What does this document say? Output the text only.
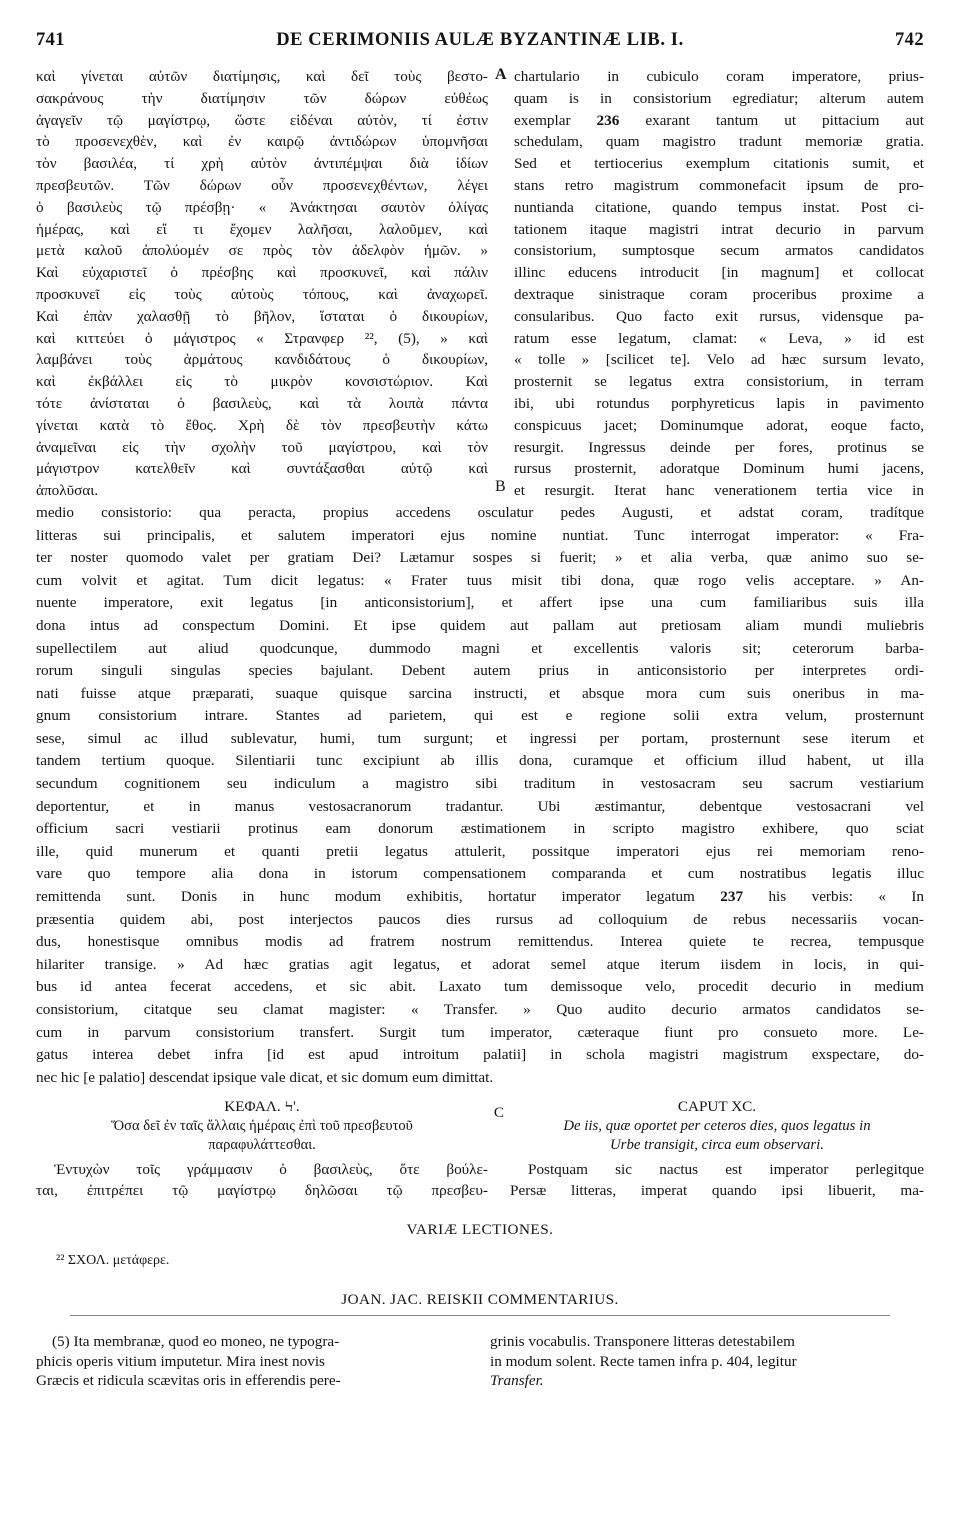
741	DE CERIMONIIS AULÆ BYZANTINÆ LIB. I.	742
καὶ γίνεται αὐτῶν διατίμησις, καὶ δεῖ τοὺς βεστο-
σακράνους τὴν διατίμησιν τῶν δώρων εὐθέως
ἀγαγεῖν τῷ μαγίστρῳ, ὥστε εἰδέναι αὐτὸν, τί ἐστιν
τὸ προσενεχθὲν, καὶ ἐν καιρῷ ἀντιδώρων ὑπομνῆσαι
τὸν βασιλέα, τί χρὴ αὐτὸν ἀντιπέμψαι διὰ ἰδίων
πρεσβευτῶν. Τῶν δώρων οὖν προσενεχθέντων, λέγει
ὁ βασιλεὺς τῷ πρέσβῃ· « Ἀνάκτησαι σαυτὸν ὀλίγας
ἡμέρας, καὶ εἴ τι ἔχομεν λαλῆσαι, λαλοῦμεν, καὶ
μετὰ καλοῦ ἀπολύομέν σε πρὸς τὸν ἀδελφὸν ἡμῶν. »
Καὶ εὐχαριστεῖ ὁ πρέσβης καὶ προσκυνεῖ, καὶ πάλιν
προσκυνεῖ εἰς τοὺς αὐτοὺς τόπους, καὶ ἀναχωρεῖ.
Καὶ ἐπὰν χαλασθῇ τὸ βῆλον, ἵσταται ὁ δικουρίων,
καὶ κιττεύει ὁ μάγιστρος « Στρανφερ ²², (5), » καὶ
λαμβάνει τοὺς ἁρμάτους κανδιδάτους ὁ δικουρίων,
καὶ ἐκβάλλει εἰς τὸ μικρὸν κονσιστώριον. Καὶ
τότε ἀνίσταται ὁ βασιλεὺς, καὶ τὰ λοιπὰ πάντα
γίνεται κατὰ τὸ ἔθος. Χρὴ δὲ τὸν πρεσβευτὴν κάτω
ἀναμεῖναι εἰς τὴν σχολὴν τοῦ μαγίστρου, καὶ τὸν
μάγιστρον κατελθεῖν καὶ συντάξασθαι αὐτῷ καὶ
ἀπολῦσαι.
A
B
chartulario in cubiculo coram imperatore, prius-
quam is in consistorium egrediatur; alterum autem
exemplar 236 exarant tantum ut pittacium aut
schedulam, quam magistro tradunt memoriæ gratia.
Sed et tertiocerius exemplum citationis sumit, et
stans retro magistrum commonefacit ipsum de pro-
nuntianda citatione, quando tempus instat. Post ci-
tationem itaque magistri intrat decurio in parvum
consistorium, sumptosque secum armatos candidatos
illinc educens introducit [in magnum] et collocat
dextraque sinistraque coram proceribus proxime a
consularibus. Quo facto exit rursus, vidensque pa-
ratum esse legatum, clamat: « Leva, » id est
« tolle » [scilicet te]. Velo ad hæc sursum levato,
prosternit se legatus extra consistorium, in terram
ibi, ubi rotundus porphyreticus lapis in pavimento
conspicuus jacet; Dominumque adorat, eoque facto,
resurgit. Ingressus deinde per fores, protinus se
rursus prosternit, adoratque Dominum humi jacens,
et resurgit. Iterat hanc venerationem tertia vice in
medio consistorio: qua peracta, propius accedens osculatur pedes Augusti, et adstat coram, tradítque
litteras sui principalis, et salutem imperatori ejus nomine nuntiat. Tunc interrogat imperator: « Fra-
ter noster quomodo valet per gratiam Dei? Lætamur sospes si fuerit; » et alia verba, quæ animo suo se-
cum volvit et agitat. Tum dicit legatus: « Frater tuus misit tibi dona, quæ rogo velis acceptare. » An-
nuente imperatore, exit legatus [in anticonsistorium], et affert ipse una cum familiaribus suis illa
dona intus ad conspectum Domini. Et ipse quidem aut pallam aut pretiosam aliam mundi muliebris
supellectilem aut aliud quodcunque, dummodo magni et excellentis valoris sit; ceterorum barba-
rorum singuli singulas species bajulant. Debent autem prius in anticonsistorio per interpretes ordi-
nati fuisse atque præparati, suaque quisque sarcina instructi, et absque mora cum suis oneribus in ma-
gnum consistorium intrare. Stantes ad parietem, qui est e regione solii extra velum, prosternunt
sese, simul ac illud sublevatur, humi, tum surgunt; et ingressi per portam, prosternunt sese iterum et
tandem tertium quoque. Silentiarii tunc excipiunt ab illis dona, curamque et officium illud habent, ut illa
secundum cognitionem seu indiculum a magistro sibi traditum in vestosacram seu sacrum vestiarium
deportentur, et in manus vestosacranorum tradantur. Ubi æstimantur, debentque vestosacrani vel
officium sacri vestiarii protinus eam donorum æstimationem in scripto magistro exhibere, quo sciat
ille, quid munerum et quanti pretii legatus attulerit, possitque imperatori ejus rei memoriam reno-
vare quo tempore alia dona in istorum compensationem comparanda et cum nostratibus legatis illuc
remittenda sunt. Donis in hunc modum exhibitis, hortatur imperator legatum 237 his verbis: « In
præsentia quidem abi, post interjectos paucos dies rursus ad colloquium de rebus necessariis vocan-
dus, honestisque omnibus modis ad fratrem nostrum remittendus. Interea quiete te recrea, tempusque
hilariter transige. » Ad hæc gratias agit legatus, et adorat semel atque iterum iisdem in locis, in qui-
bus id antea fecerat accedens, et sic abit. Laxato tum demissoque velo, procedit decurio in medium
consistorium, citatque seu clamat magister: « Transfer. » Quo audito decurio armatos candidatos se-
cum in parvum consistorium transfert. Surgit tum imperator, cæteraque fiunt pro consueto more. Le-
gatus interea debet infra [id est apud introitum palatii] in schola magistri magistrum exspectare, do-
nec hic [e palatio] descendat ipsique vale dicat, et sic domum eum dimittat.
ΚΕΦΑΛ. Ϟ'.
Ὅσα δεῖ ἐν ταῖς ἄλλαις ἡμέραις ἐπὶ τοῦ πρεσβευτοῦ
παραφυλάττεσθαι.
C	CAPUT XC.
De iis, quæ oportet per ceteros dies, quos legatus in
Urbe transigit, circa eum observari.
Ἐντυχὼν τοῖς γράμμασιν ὁ βασιλεὺς, ὅτε βούλε-
ται, ἐπιτρέπει τῷ μαγίστρῳ δηλῶσαι τῷ πρεσβευ-
Postquam sic nactus est imperator perlegitque
Persæ litteras, imperat quando ipsi libuerit, ma-
VARIÆ LECTIONES.
²² ΣΧΟΛ. μετάφερε.
JOAN. JAC. REISKII COMMENTARIUS.
(5) Ita membranæ, quod eo moneo, ne typogra-
phicis operis vitium imputetur. Mira inest novis
Græcis et ridicula scævitas oris in efferendis pere-
grinis vocabulis. Transponere litteras detestabilem
in modum solent. Recte tamen infra p. 404, legitur
Transfer.
